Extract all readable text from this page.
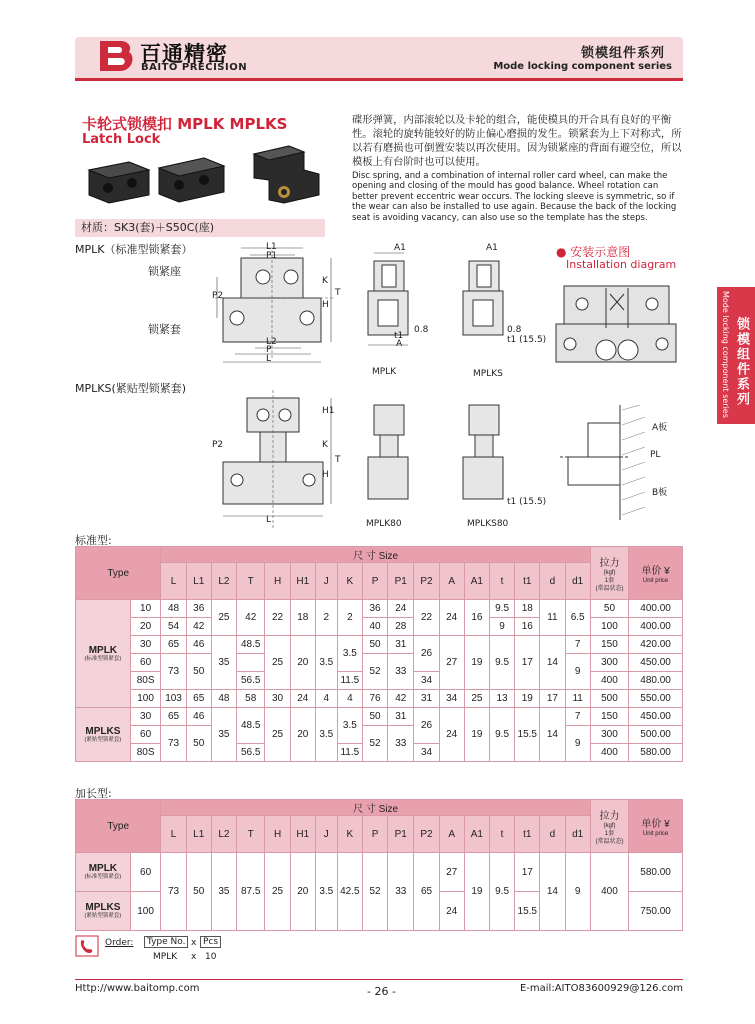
百通精密
BAITO PRECISION
锁模组件系列
Mode locking component series
Mode locking component series 锁模组件系列
卡轮式锁模扣 MPLK MPLKS
Latch Lock
碟形弹簧，内部滚轮以及卡轮的组合，能使模具的开合具有良好的平衡性。滚轮的旋转能较好的防止偏心磨损的发生。锁紧套为上下对称式，所以若有磨损也可倒置安装以再次使用。因为锁紧座的背面有避空位，所以模板上有台阶时也可以使用。
Disc spring, and a combination of internal roller card wheel, can make the opening and closing of the mould has good balance. Wheel rotation can better prevent eccentric wear occurs. The locking sleeve is symmetric, so if the wear can also be installed to use again. Because the back of the locking seat is avoiding vacancy, can also use so the template has the steps.
材质：SK3(套)＋S50C(座)
MPLK（标准型锁紧套）
锁紧座
锁紧套
MPLKS(紧贴型锁紧套)
MPLK	MPLKS
MPLK80	MPLKS80
● 安装示意图
Installation diagram
A板
PL
B板
L1
P1
P2
K
H
T
L2
P
L
A1
A
0.8
t1
A1
0.8
t1 (15.5)
P2
H1
K
H
T
L
t1 (15.5)
标准型:
Type		尺 寸 Size																	拉力
(kgf)
1套
(常温状态)	单价 ¥
Unit price

		L	L1	L2	T	H	H1	J	K	P	P1	P2	A	A1	t	t1	d	d1		
MPLK
(标准型锁紧套)	10	48	36	25	42	22	18	2	2	36	24	22	24	16	9.5	18	11	6.5	50	400.00
	20	54	42							40	28				9	16			100	400.00
	30	65	46	35	48.5	25	20	3.5	3.5	50	31	26	27	19	9.5	17	14	7	150	420.00
	60	73	50							52	33							9	300	450.00
	80S				56.5				11.5			34							400	480.00
	100	103	65	48	58	30	24	4	4	76	42	31	34	25	13	19	17	11	500	550.00
MPLKS
(紧贴型锁紧套)	30	65	46	35	48.5	25	20	3.5	3.5	50	31	26	24	19	9.5	15.5	14	7	150	450.00
	60	73	50							52	33							9	300	500.00
	80S				56.5				11.5			34							400	580.00
加长型:
Type		尺 寸 Size																	拉力
(kgf)
1套
(常温状态)	单价 ¥
Unit price

		L	L1	L2	T	H	H1	J	K	P	P1	P2	A	A1	t	t1	d	d1		
MPLK
(标准型锁紧套)	60	73	50	35	87.5	25	20	3.5	42.5	52	33	65	27	19	9.5	17	14	9	400	580.00
MPLKS
(紧贴型锁紧套)	100												24			15.5				750.00
Order:	Type No. x Pcs
MPLK x 10
Http://www.baitomp.com	- 26 -	E-mail:AITO83600929@126.com
